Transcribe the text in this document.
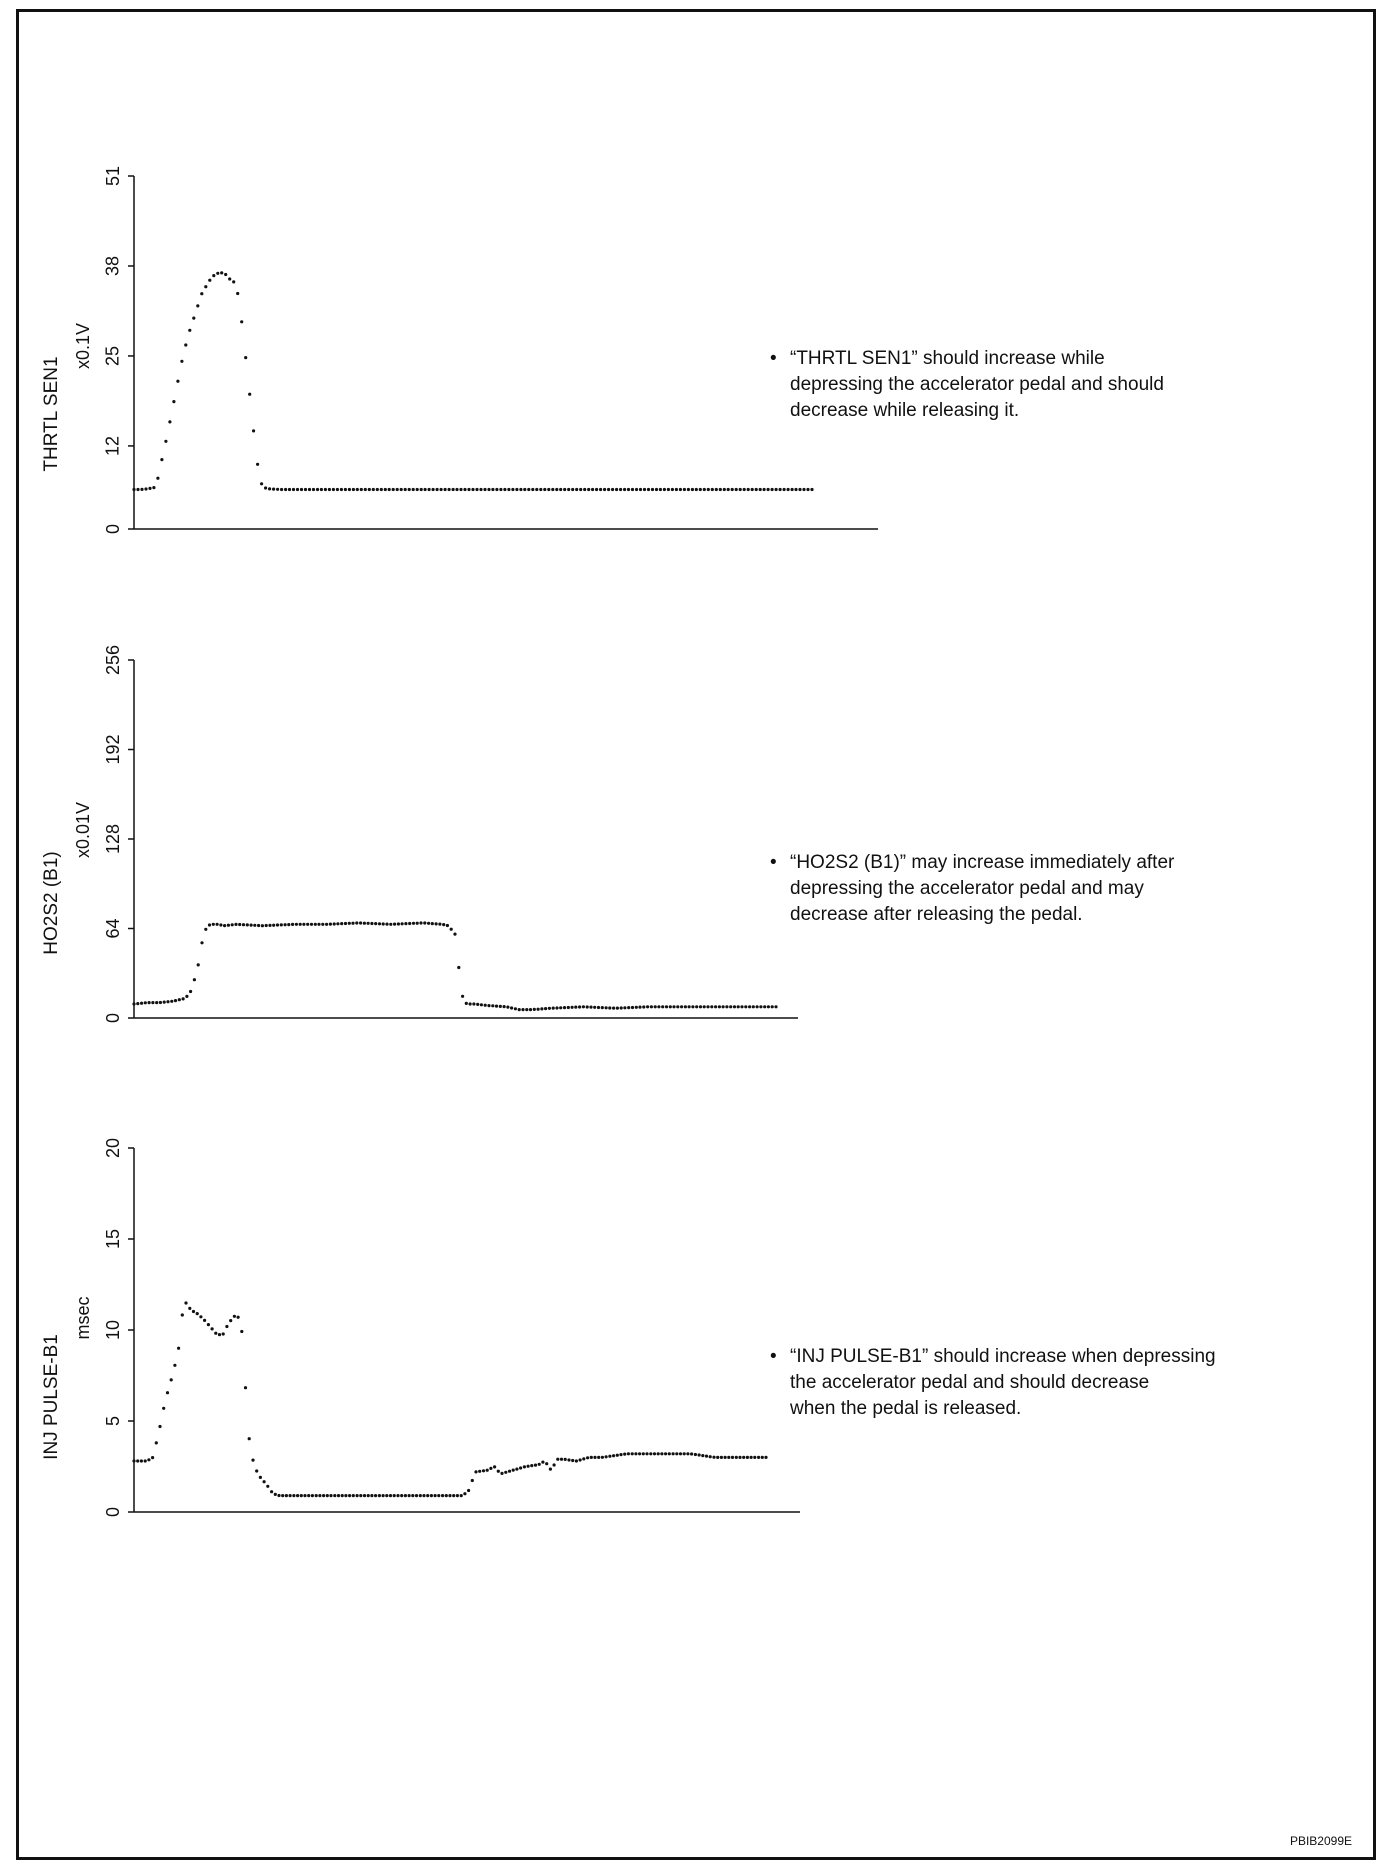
0
12
25
38
51
THRTL SEN1
x0.1V
0
64
128
192
256
HO2S2 (B1)
x0.01V
0
5
10
15
20
INJ PULSE-B1
msec
• “THRTL SEN1” should increase while
depressing the accelerator pedal and should
decrease while releasing it.
• “HO2S2 (B1)” may increase immediately after
depressing the accelerator pedal and may
decrease after releasing the pedal.
• “INJ PULSE-B1” should increase when depressing
the accelerator pedal and should decrease
when the pedal is released.
PBIB2099E
